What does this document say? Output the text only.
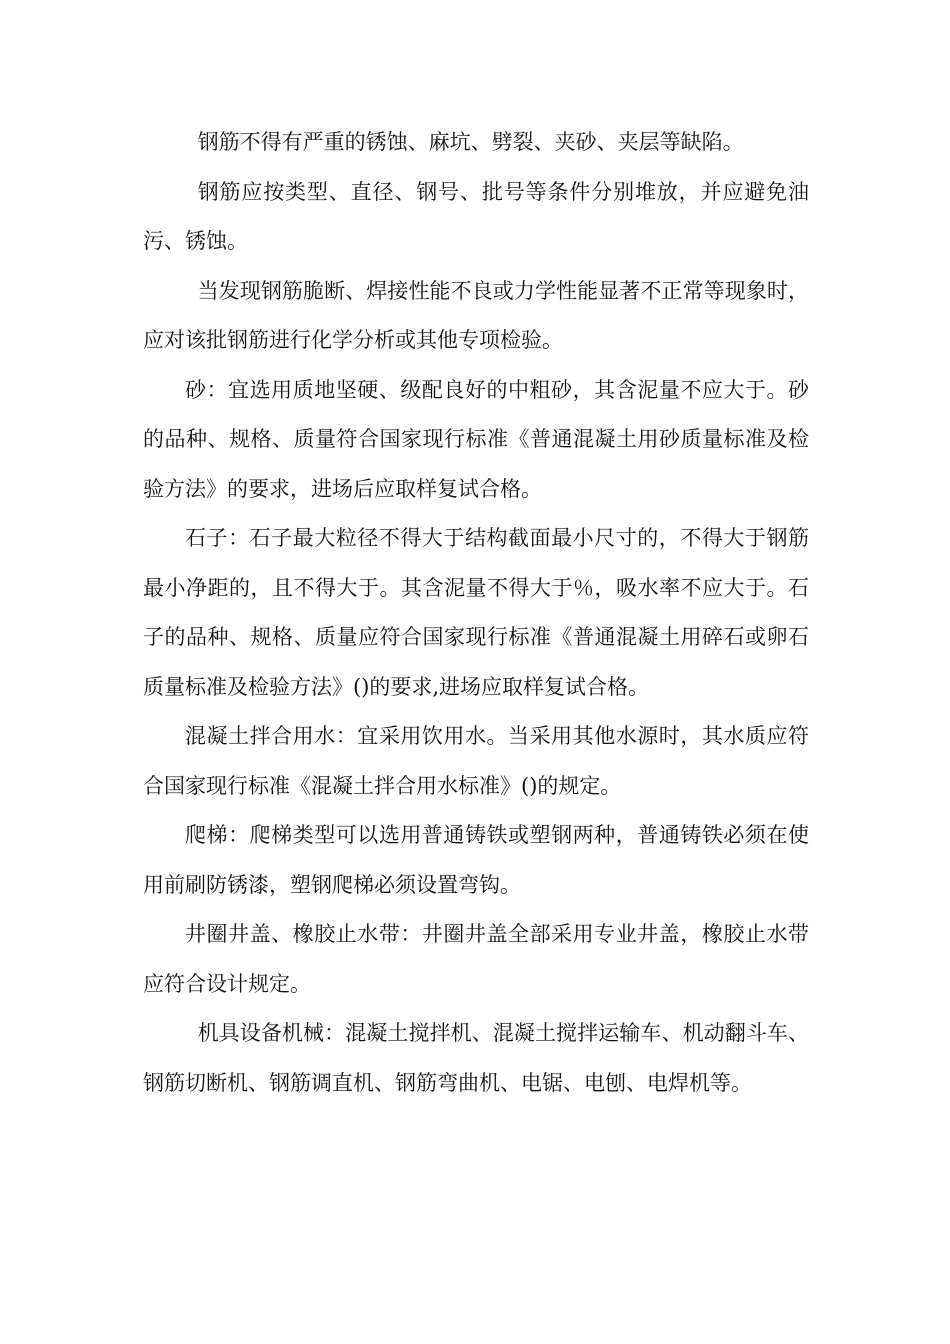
钢筋不得有严重的锈蚀、麻坑、劈裂、夹砂、夹层等缺陷。

钢筋应按类型、直径、钢号、批号等条件分别堆放，并应避免油污、锈蚀。

当发现钢筋脆断、焊接性能不良或力学性能显著不正常等现象时，应对该批钢筋进行化学分析或其他专项检验。

砂：宜选用质地坚硬、级配良好的中粗砂，其含泥量不应大于。砂的品种、规格、质量符合国家现行标准《普通混凝土用砂质量标准及检验方法》的要求，进场后应取样复试合格。

石子：石子最大粒径不得大于结构截面最小尺寸的，不得大于钢筋最小净距的，且不得大于。其含泥量不得大于％，吸水率不应大于。石子的品种、规格、质量应符合国家现行标准《普通混凝土用碎石或卵石质量标准及检验方法》()的要求,进场应取样复试合格。

混凝土拌合用水：宜采用饮用水。当采用其他水源时，其水质应符合国家现行标准《混凝土拌合用水标准》()的规定。

爬梯：爬梯类型可以选用普通铸铁或塑钢两种，普通铸铁必须在使用前刷防锈漆，塑钢爬梯必须设置弯钩。

井圈井盖、橡胶止水带：井圈井盖全部采用专业井盖，橡胶止水带应符合设计规定。

机具设备机械：混凝土搅拌机、混凝土搅拌运输车、机动翻斗车、钢筋切断机、钢筋调直机、钢筋弯曲机、电锯、电刨、电焊机等。
